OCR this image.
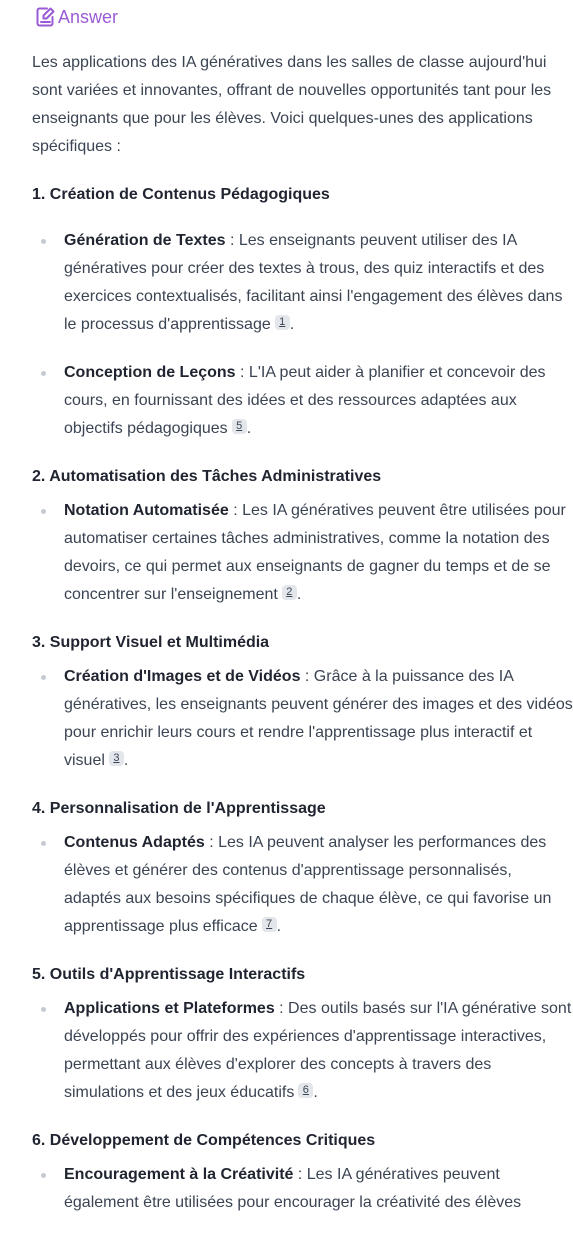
Answer

Les applications des IA génératives dans les salles de classe aujourd'hui sont variées et innovantes, offrant de nouvelles opportunités tant pour les enseignants que pour les élèves. Voici quelques-unes des applications spécifiques :

1. Création de Contenus Pédagogiques

Génération de Textes : Les enseignants peuvent utiliser des IA génératives pour créer des textes à trous, des quiz interactifs et des exercices contextualisés, facilitant ainsi l'engagement des élèves dans le processus d'apprentissage 1 .
Conception de Leçons : L'IA peut aider à planifier et concevoir des cours, en fournissant des idées et des ressources adaptées aux objectifs pédagogiques 5 .

2. Automatisation des Tâches Administratives

Notation Automatisée : Les IA génératives peuvent être utilisées pour automatiser certaines tâches administratives, comme la notation des devoirs, ce qui permet aux enseignants de gagner du temps et de se concentrer sur l'enseignement 2 .

3. Support Visuel et Multimédia

Création d'Images et de Vidéos : Grâce à la puissance des IA génératives, les enseignants peuvent générer des images et des vidéos pour enrichir leurs cours et rendre l'apprentissage plus interactif et visuel 3 .

4. Personnalisation de l'Apprentissage

Contenus Adaptés : Les IA peuvent analyser les performances des élèves et générer des contenus d'apprentissage personnalisés, adaptés aux besoins spécifiques de chaque élève, ce qui favorise un apprentissage plus efficace 7 .

5. Outils d'Apprentissage Interactifs

Applications et Plateformes : Des outils basés sur l'IA générative sont développés pour offrir des expériences d'apprentissage interactives, permettant aux élèves d'explorer des concepts à travers des simulations et des jeux éducatifs 6 .

6. Développement de Compétences Critiques

Encouragement à la Créativité : Les IA génératives peuvent également être utilisées pour encourager la créativité des élèves
